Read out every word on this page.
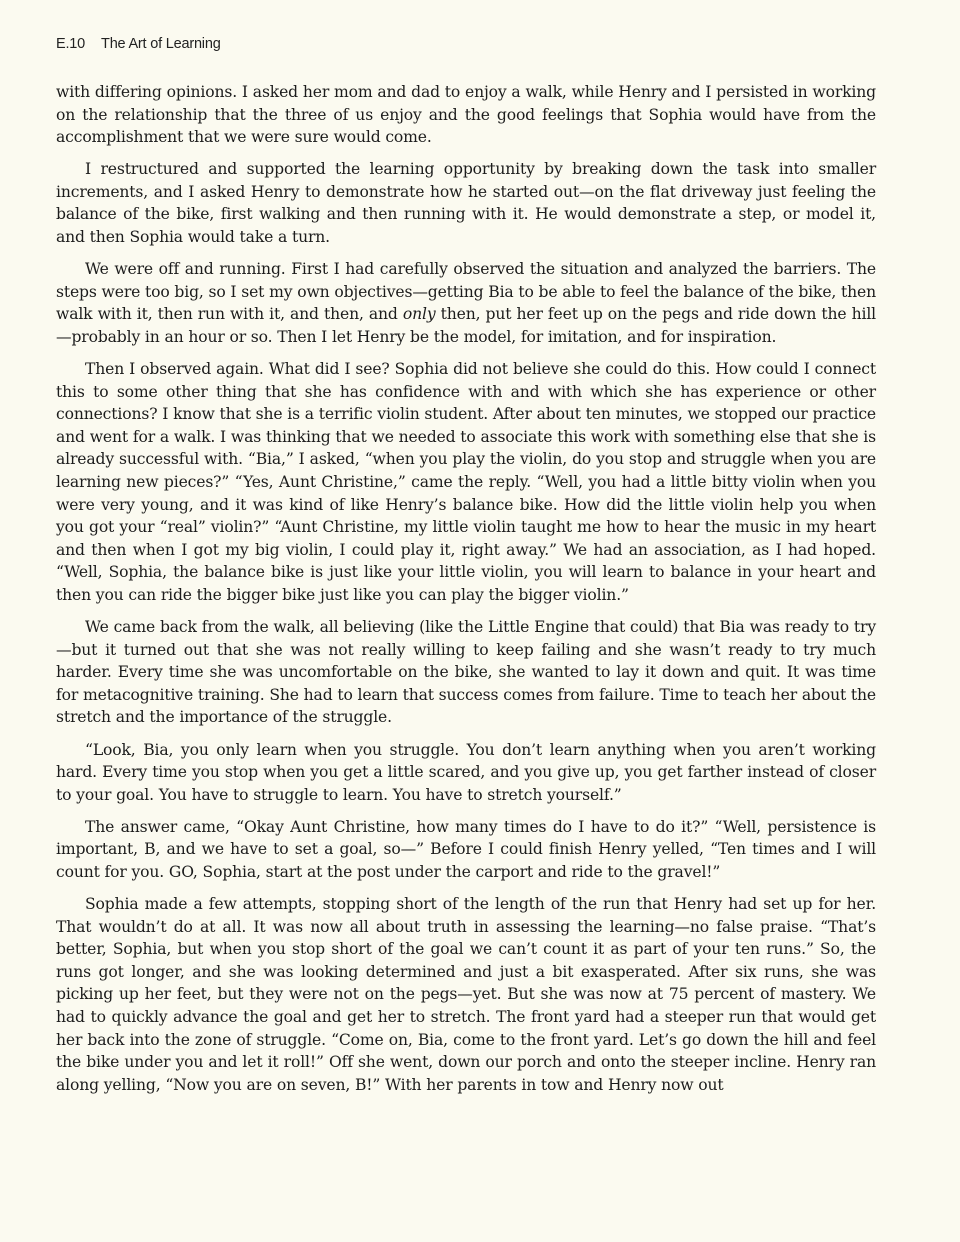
E.10 The Art of Learning

with differing opinions. I asked her mom and dad to enjoy a walk, while Henry and I persisted in working on the relationship that the three of us enjoy and the good feelings that Sophia would have from the accomplishment that we were sure would come.

I restructured and supported the learning opportunity by breaking down the task into smaller increments, and I asked Henry to demonstrate how he started out—on the flat driveway just feeling the balance of the bike, first walking and then running with it. He would demonstrate a step, or model it, and then Sophia would take a turn.

We were off and running. First I had carefully observed the situation and analyzed the barriers. The steps were too big, so I set my own objectives—getting Bia to be able to feel the balance of the bike, then walk with it, then run with it, and then, and only then, put her feet up on the pegs and ride down the hill—probably in an hour or so. Then I let Henry be the model, for imitation, and for inspiration.

Then I observed again. What did I see? Sophia did not believe she could do this. How could I connect this to some other thing that she has confidence with and with which she has experience or other connections? I know that she is a terrific violin student. After about ten minutes, we stopped our practice and went for a walk. I was thinking that we needed to associate this work with something else that she is already successful with. “Bia,” I asked, “when you play the violin, do you stop and struggle when you are learning new pieces?” “Yes, Aunt Christine,” came the reply. “Well, you had a little bitty violin when you were very young, and it was kind of like Henry’s balance bike. How did the little violin help you when you got your “real” violin?” “Aunt Christine, my little violin taught me how to hear the music in my heart and then when I got my big violin, I could play it, right away.” We had an association, as I had hoped. “Well, Sophia, the balance bike is just like your little violin, you will learn to balance in your heart and then you can ride the bigger bike just like you can play the bigger violin.”

We came back from the walk, all believing (like the Little Engine that could) that Bia was ready to try—but it turned out that she was not really willing to keep failing and she wasn’t ready to try much harder. Every time she was uncomfortable on the bike, she wanted to lay it down and quit. It was time for metacognitive training. She had to learn that success comes from failure. Time to teach her about the stretch and the importance of the struggle.

“Look, Bia, you only learn when you struggle. You don’t learn anything when you aren’t working hard. Every time you stop when you get a little scared, and you give up, you get farther instead of closer to your goal. You have to struggle to learn. You have to stretch yourself.”

The answer came, “Okay Aunt Christine, how many times do I have to do it?” “Well, persistence is important, B, and we have to set a goal, so—” Before I could finish Henry yelled, “Ten times and I will count for you. GO, Sophia, start at the post under the carport and ride to the gravel!”

Sophia made a few attempts, stopping short of the length of the run that Henry had set up for her. That wouldn’t do at all. It was now all about truth in assessing the learning—no false praise. “That’s better, Sophia, but when you stop short of the goal we can’t count it as part of your ten runs.” So, the runs got longer, and she was looking determined and just a bit exasperated. After six runs, she was picking up her feet, but they were not on the pegs—yet. But she was now at 75 percent of mastery. We had to quickly advance the goal and get her to stretch. The front yard had a steeper run that would get her back into the zone of struggle. “Come on, Bia, come to the front yard. Let’s go down the hill and feel the bike under you and let it roll!” Off she went, down our porch and onto the steeper incline. Henry ran along yelling, “Now you are on seven, B!” With her parents in tow and Henry now out
